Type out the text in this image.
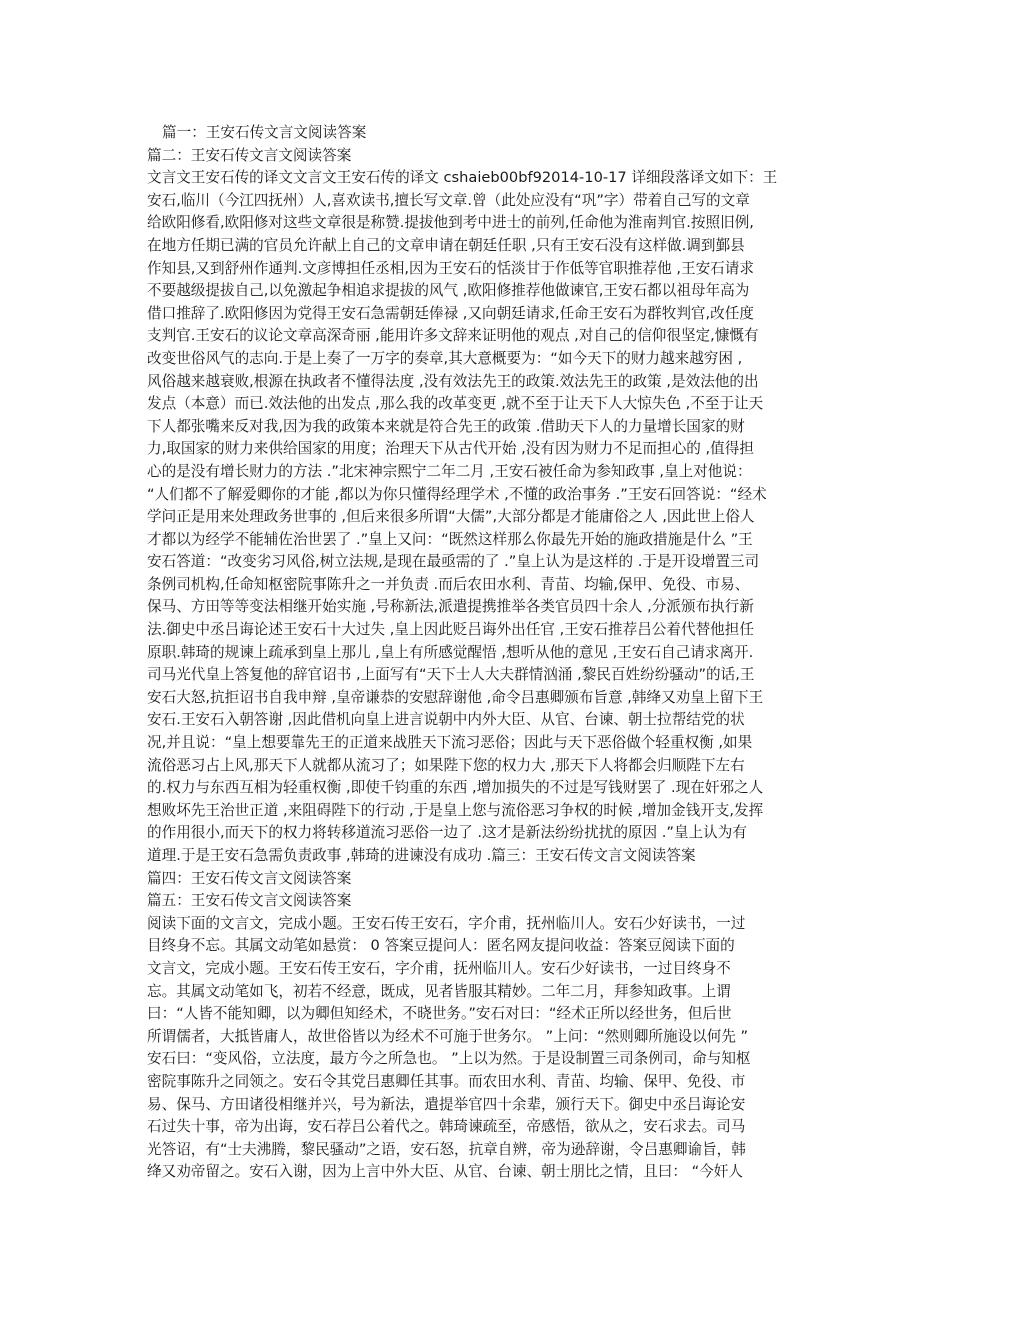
篇一：王安石传文言文阅读答案
篇二：王安石传文言文阅读答案
文言文王安石传的译文文言文王安石传的译文 cshaieb00bf92014-10-17 详细段落译文如下：王
安石,临川（今江四抚州）人,喜欢读书,擅长写文章.曾（此处应没有“巩”字）带着自己写的文章
给欧阳修看,欧阳修对这些文章很是称赞.提拔他到考中进士的前列,任命他为淮南判官.按照旧例,
在地方任期已满的官员允许献上自己的文章申请在朝廷任职 ,只有王安石没有这样做.调到鄞县
作知县,又到舒州作通判.文彦博担任丞相,因为王安石的恬淡甘于作低等官职推荐他 ,王安石请求
不要越级提拔自己,以免激起争相追求提拔的风气 ,欧阳修推荐他做谏官,王安石都以祖母年高为
借口推辞了.欧阳修因为党得王安石急需朝廷俸禄 ,又向朝廷请求,任命王安石为群牧判官,改任度
支判官.王安石的议论文章高深奇丽 ,能用许多文辞来证明他的观点 ,对自己的信仰很坚定,慷慨有
改变世俗风气的志向.于是上奏了一万字的奏章,其大意概要为：“如今天下的财力越来越穷困 ,
风俗越来越衰败,根源在执政者不懂得法度 ,没有效法先王的政策.效法先王的政策 ,是效法他的出
发点（本意）而已.效法他的出发点 ,那么我的改革变更 ,就不至于让天下人大惊失色 ,不至于让天
下人都张嘴来反对我,因为我的政策本来就是符合先王的政策 .借助天下人的力量增长国家的财
力,取国家的财力来供给国家的用度；治理天下从古代开始 ,没有因为财力不足而担心的 ,值得担
心的是没有增长财力的方法 .”北宋神宗熙宁二年二月 ,王安石被任命为参知政事 ,皇上对他说：
“人们都不了解爱卿你的才能 ,都以为你只懂得经理学术 ,不懂的政治事务 .”王安石回答说：“经术
学问正是用来处理政务世事的 ,但后来很多所谓“大儒”,大部分都是才能庸俗之人 ,因此世上俗人
才都以为经学不能辅佐治世罢了 .”皇上又问：“既然这样那么你最先开始的施政措施是什么 ”王
安石答道：“改变劣习风俗,树立法规,是现在最亟需的了 .”皇上认为是这样的 .于是开设增置三司
条例司机构,任命知枢密院事陈升之一并负责 .而后农田水利、青苗、均输,保甲、免役、市易、
保马、方田等等变法相继开始实施 ,号称新法,派遣提携推举各类官员四十余人 ,分派颁布执行新
法.御史中丞吕诲论述王安石十大过失 ,皇上因此贬吕诲外出任官 ,王安石推荐吕公着代替他担任
原职.韩琦的规谏上疏承到皇上那儿 ,皇上有所感觉醒悟 ,想听从他的意见 ,王安石自己请求离开.
司马光代皇上答复他的辞官诏书 ,上面写有“天下士人大夫群情汹涌 ,黎民百姓纷纷骚动”的话,王
安石大怒,抗拒诏书自我申辩 ,皇帝谦恭的安慰辞谢他 ,命令吕惠卿颁布旨意 ,韩绛又劝皇上留下王
安石.王安石入朝答谢 ,因此借机向皇上进言说朝中内外大臣、从官、台谏、朝士拉帮结党的状
况,并且说：“皇上想要靠先王的正道来战胜天下流习恶俗；因此与天下恶俗做个轻重权衡 ,如果
流俗恶习占上风,那天下人就都从流习了；如果陛下您的权力大 ,那天下人将都会归顺陛下左右
的.权力与东西互相为轻重权衡 ,即使千钧重的东西 ,增加损失的不过是写钱财罢了 .现在奸邪之人
想败坏先王治世正道 ,来阻碍陛下的行动 ,于是皇上您与流俗恶习争权的时候 ,增加金钱开支,发挥
的作用很小,而天下的权力将转移道流习恶俗一边了 .这才是新法纷纷扰扰的原因 .”皇上认为有
道理.于是王安石急需负责政事 ,韩琦的进谏没有成功 .篇三：王安石传文言文阅读答案
篇四：王安石传文言文阅读答案
篇五：王安石传文言文阅读答案
阅读下面的文言文，完成小题。王安石传王安石，字介甫，抚州临川人。安石少好读书，一过
目终身不忘。其属文动笔如悬赏： 0 答案豆提问人：匿名网友提问收益：答案豆阅读下面的
文言文，完成小题。王安石传王安石，字介甫，抚州临川人。安石少好读书，一过目终身不
忘。其属文动笔如飞，初若不经意，既成，见者皆服其精妙。二年二月，拜参知政事。上谓
曰：“人皆不能知卿，以为卿但知经术，不晓世务。”安石对曰：“经术正所以经世务，但后世
所谓儒者，大抵皆庸人，故世俗皆以为经术不可施于世务尔。 ”上问：“然则卿所施设以何先 ”
安石曰：“变风俗，立法度，最方今之所急也。 ”上以为然。于是设制置三司条例司，命与知枢
密院事陈升之同领之。安石令其党吕惠卿任其事。而农田水利、青苗、均输、保甲、免役、市
易、保马、方田诸役相继并兴，号为新法，遣提举官四十余辈，颁行天下。御史中丞吕诲论安
石过失十事，帝为出诲，安石荐吕公着代之。韩琦谏疏至，帝感悟，欲从之，安石求去。司马
光答诏，有“士夫沸腾，黎民骚动”之语，安石怒，抗章自辨，帝为逊辞谢，令吕惠卿谕旨，韩
绛又劝帝留之。安石入谢，因为上言中外大臣、从官、台谏、朝士朋比之情，且曰： “今奸人
